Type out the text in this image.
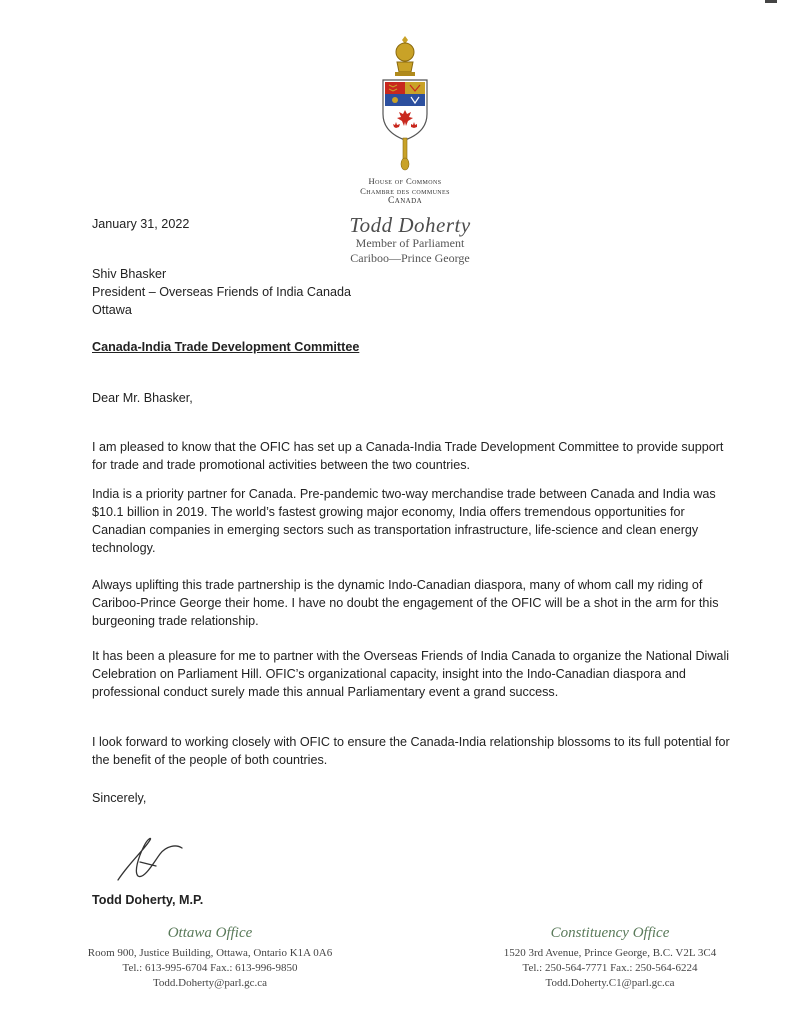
House of Commons
Chambre des communes
Canada
Todd Doherty
Member of Parliament
Cariboo—Prince George
January 31, 2022
Shiv Bhasker
President – Overseas Friends of India Canada
Ottawa
Canada-India Trade Development Committee
Dear Mr. Bhasker,

I am pleased to know that the OFIC has set up a Canada-India Trade Development Committee to provide support for trade and trade promotional activities between the two countries.

India is a priority partner for Canada. Pre-pandemic two-way merchandise trade between Canada and India was $10.1 billion in 2019. The world’s fastest growing major economy, India offers tremendous opportunities for Canadian companies in emerging sectors such as transportation infrastructure, life-science and clean energy technology.

Always uplifting this trade partnership is the dynamic Indo-Canadian diaspora, many of whom call my riding of Cariboo-Prince George their home. I have no doubt the engagement of the OFIC will be a shot in the arm for this burgeoning trade relationship.

It has been a pleasure for me to partner with the Overseas Friends of India Canada to organize the National Diwali Celebration on Parliament Hill. OFIC’s organizational capacity, insight into the Indo-Canadian diaspora and professional conduct surely made this annual Parliamentary event a grand success.

I look forward to working closely with OFIC to ensure the Canada-India relationship blossoms to its full potential for the benefit of the people of both countries.

Sincerely,
Todd Doherty, M.P.
Ottawa Office
Room 900, Justice Building, Ottawa, Ontario K1A 0A6
Tel.: 613-995-6704 Fax.: 613-996-9850
Todd.Doherty@parl.gc.ca
Constituency Office
1520 3rd Avenue, Prince George, B.C. V2L 3C4
Tel.: 250-564-7771 Fax.: 250-564-6224
Todd.Doherty.C1@parl.gc.ca
